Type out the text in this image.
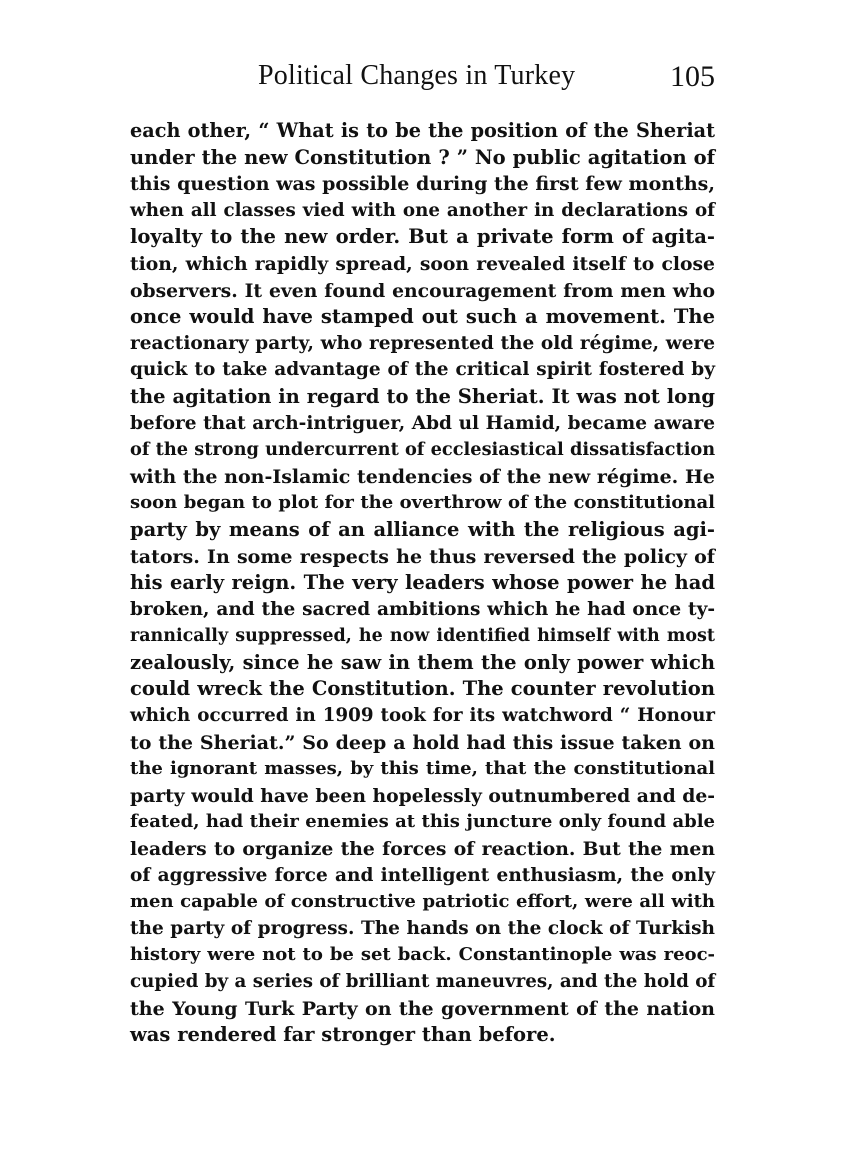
Political Changes in Turkey	105
each other, “ What is to be the position of the Sheriat
under the new Constitution ? ” No public agitation of
this question was possible during the first few months,
when all classes vied with one another in declarations of
loyalty to the new order. But a private form of agita-
tion, which rapidly spread, soon revealed itself to close
observers. It even found encouragement from men who
once would have stamped out such a movement. The
reactionary party, who represented the old régime, were
quick to take advantage of the critical spirit fostered by
the agitation in regard to the Sheriat. It was not long
before that arch-intriguer, Abd ul Hamid, became aware
of the strong undercurrent of ecclesiastical dissatisfaction
with the non-Islamic tendencies of the new régime. He
soon began to plot for the overthrow of the constitutional
party by means of an alliance with the religious agi-
tators. In some respects he thus reversed the policy of
his early reign. The very leaders whose power he had
broken, and the sacred ambitions which he had once ty-
rannically suppressed, he now identified himself with most
zealously, since he saw in them the only power which
could wreck the Constitution. The counter revolution
which occurred in 1909 took for its watchword “ Honour
to the Sheriat.” So deep a hold had this issue taken on
the ignorant masses, by this time, that the constitutional
party would have been hopelessly outnumbered and de-
feated, had their enemies at this juncture only found able
leaders to organize the forces of reaction. But the men
of aggressive force and intelligent enthusiasm, the only
men capable of constructive patriotic effort, were all with
the party of progress. The hands on the clock of Turkish
history were not to be set back. Constantinople was reoc-
cupied by a series of brilliant maneuvres, and the hold of
the Young Turk Party on the government of the nation
was rendered far stronger than before.
